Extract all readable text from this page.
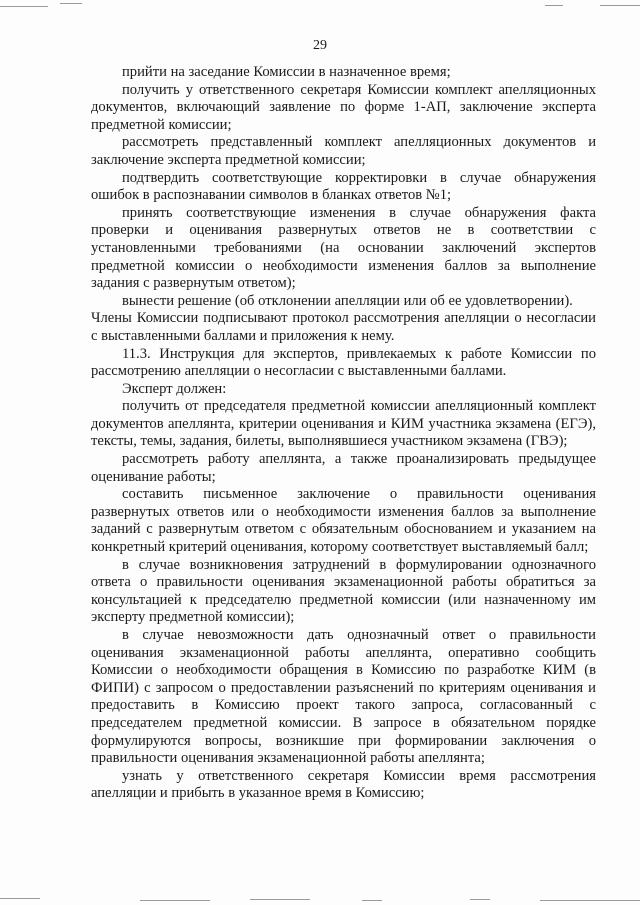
29

прийти на заседание Комиссии в назначенное время;

получить у ответственного секретаря Комиссии комплект апелляционных документов, включающий заявление по форме 1-АП, заключение эксперта предметной комиссии;

рассмотреть представленный комплект апелляционных документов и заключение эксперта предметной комиссии;

подтвердить соответствующие корректировки в случае обнаружения ошибок в распознавании символов в бланках ответов №1;

принять соответствующие изменения в случае обнаружения факта проверки и оценивания развернутых ответов не в соответствии с установленными требованиями (на основании заключений экспертов предметной комиссии о необходимости изменения баллов за выполнение задания с развернутым ответом);

вынести решение (об отклонении апелляции или об ее удовлетворении).

Члены Комиссии подписывают протокол рассмотрения апелляции о несогласии с выставленными баллами и приложения к нему.

11.3. Инструкция для экспертов, привлекаемых к работе Комиссии по рассмотрению апелляции о несогласии с выставленными баллами.

Эксперт должен:

получить от председателя предметной комиссии апелляционный комплект документов апеллянта, критерии оценивания и КИМ участника экзамена (ЕГЭ), тексты, темы, задания, билеты, выполнявшиеся участником экзамена (ГВЭ);

рассмотреть работу апеллянта, а также проанализировать предыдущее оценивание работы;

составить письменное заключение о правильности оценивания развернутых ответов или о необходимости изменения баллов за выполнение заданий с развернутым ответом с обязательным обоснованием и указанием на конкретный критерий оценивания, которому соответствует выставляемый балл;

в случае возникновения затруднений в формулировании однозначного ответа о правильности оценивания экзаменационной работы обратиться за консультацией к председателю предметной комиссии (или назначенному им эксперту предметной комиссии);

в случае невозможности дать однозначный ответ о правильности оценивания экзаменационной работы апеллянта, оперативно сообщить Комиссии о необходимости обращения в Комиссию по разработке КИМ (в ФИПИ) с запросом о предоставлении разъяснений по критериям оценивания и предоставить в Комиссию проект такого запроса, согласованный с председателем предметной комиссии. В запросе в обязательном порядке формулируются вопросы, возникшие при формировании заключения о правильности оценивания экзаменационной работы апеллянта;

узнать у ответственного секретаря Комиссии время рассмотрения апелляции и прибыть в указанное время в Комиссию;
